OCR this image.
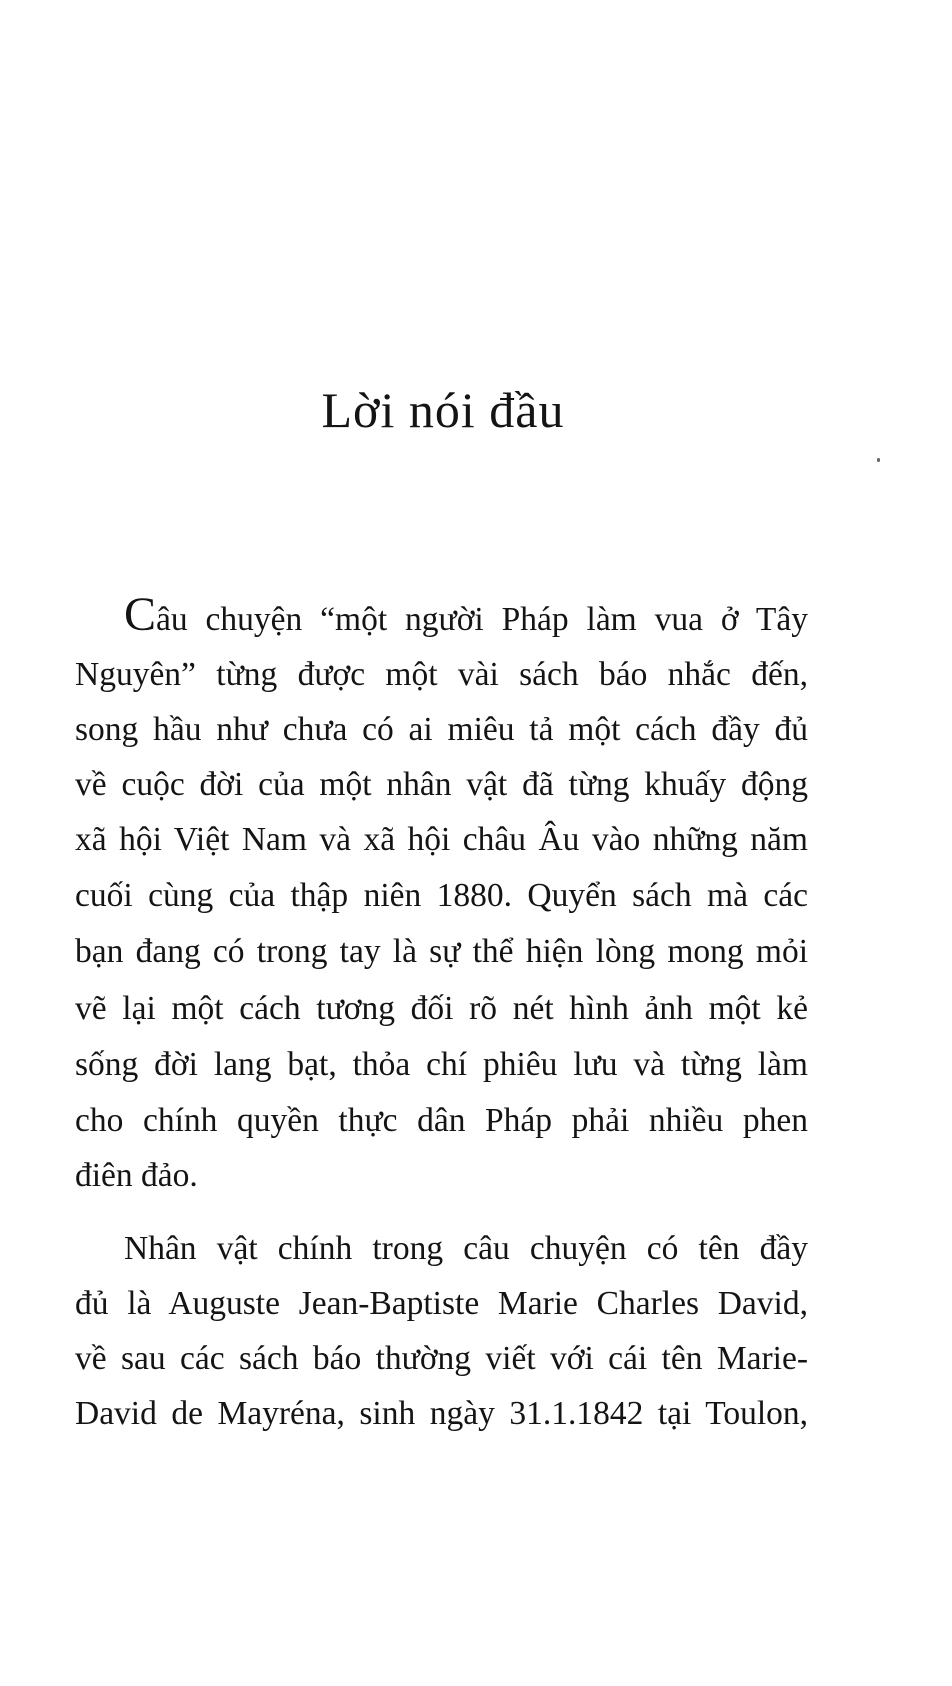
Lời nói đầu
Câu chuyện “một người Pháp làm vua ở Tây
Nguyên” từng được một vài sách báo nhắc đến,
song hầu như chưa có ai miêu tả một cách đầy đủ
về cuộc đời của một nhân vật đã từng khuấy động
xã hội Việt Nam và xã hội châu Âu vào những năm
cuối cùng của thập niên 1880. Quyển sách mà các
bạn đang có trong tay là sự thể hiện lòng mong mỏi
vẽ lại một cách tương đối rõ nét hình ảnh một kẻ
sống đời lang bạt, thỏa chí phiêu lưu và từng làm
cho chính quyền thực dân Pháp phải nhiều phen
điên đảo.
Nhân vật chính trong câu chuyện có tên đầy
đủ là Auguste Jean-Baptiste Marie Charles David,
về sau các sách báo thường viết với cái tên Marie-
David de Mayréna, sinh ngày 31.1.1842 tại Toulon,
